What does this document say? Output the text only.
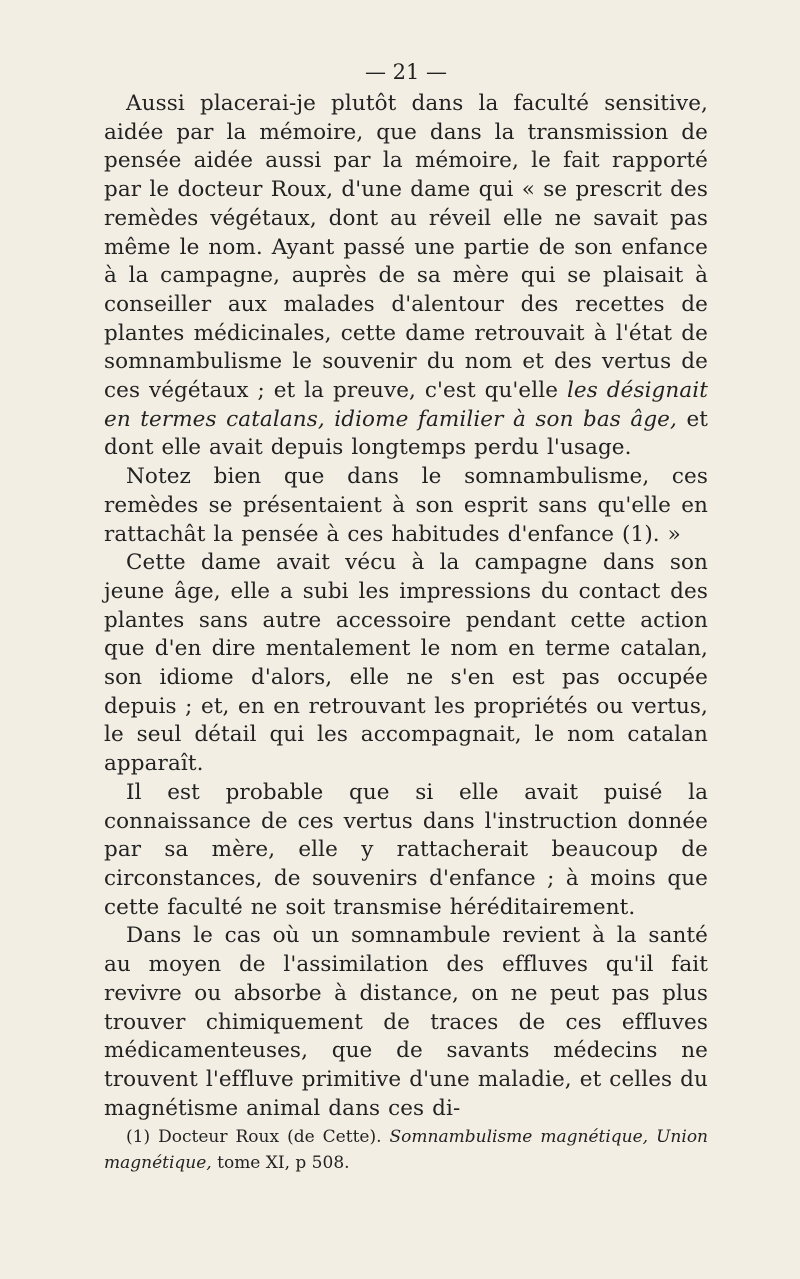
— 21 —

Aussi placerai-je plutôt dans la faculté sensitive, aidée par la mémoire, que dans la transmission de pensée aidée aussi par la mémoire, le fait rapporté par le docteur Roux, d'une dame qui « se prescrit des remèdes végétaux, dont au réveil elle ne savait pas même le nom. Ayant passé une partie de son enfance à la campagne, auprès de sa mère qui se plaisait à conseiller aux malades d'alentour des recettes de plantes médicinales, cette dame retrouvait à l'état de somnambulisme le souvenir du nom et des vertus de ces végétaux ; et la preuve, c'est qu'elle les désignait en termes catalans, idiome familier à son bas âge, et dont elle avait depuis longtemps perdu l'usage.

Notez bien que dans le somnambulisme, ces remèdes se présentaient à son esprit sans qu'elle en rattachât la pensée à ces habitudes d'enfance (1). »

Cette dame avait vécu à la campagne dans son jeune âge, elle a subi les impressions du contact des plantes sans autre accessoire pendant cette action que d'en dire mentalement le nom en terme catalan, son idiome d'alors, elle ne s'en est pas occupée depuis ; et, en en retrouvant les propriétés ou vertus, le seul détail qui les accompagnait, le nom catalan apparaît.

Il est probable que si elle avait puisé la connaissance de ces vertus dans l'instruction donnée par sa mère, elle y rattacherait beaucoup de circonstances, de souvenirs d'enfance ; à moins que cette faculté ne soit transmise héréditairement.

Dans le cas où un somnambule revient à la santé au moyen de l'assimilation des effluves qu'il fait revivre ou absorbe à distance, on ne peut pas plus trouver chimiquement de traces de ces effluves médicamenteuses, que de savants médecins ne trouvent l'effluve primitive d'une maladie, et celles du magnétisme animal dans ces di-

(1) Docteur Roux (de Cette). Somnambulisme magnétique, Union magnétique, tome XI, p 508.
